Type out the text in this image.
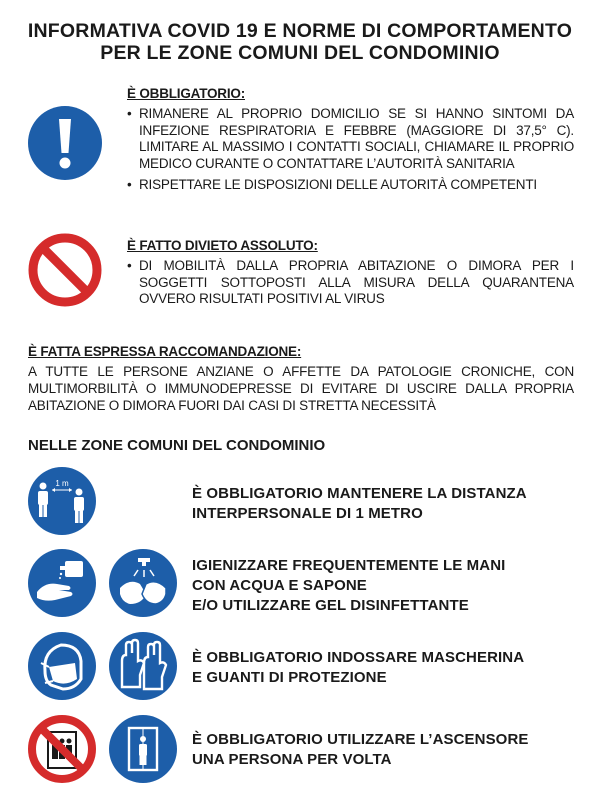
INFORMATIVA COVID 19 E NORME DI COMPORTAMENTO
PER LE ZONE COMUNI DEL CONDOMINIO
È OBBLIGATORIO:
• RIMANERE AL PROPRIO DOMICILIO SE SI HANNO SINTOMI DA INFEZIONE RESPIRATORIA E FEBBRE (MAGGIORE DI 37,5° C). LIMITARE AL MASSIMO I CONTATTI SOCIALI, CHIAMARE IL PROPRIO MEDICO CURANTE O CONTATTARE L’AUTORITÀ SANITARIA
• RISPETTARE LE DISPOSIZIONI DELLE AUTORITÀ COMPETENTI
È FATTO DIVIETO ASSOLUTO:
• DI MOBILITÀ DALLA PROPRIA ABITAZIONE O DIMORA PER I SOGGETTI SOTTOPOSTI ALLA MISURA DELLA QUARANTENA OVVERO RISULTATI POSITIVI AL VIRUS
È FATTA ESPRESSA RACCOMANDAZIONE:
A TUTTE LE PERSONE ANZIANE O AFFETTE DA PATOLOGIE CRONICHE, CON MULTIMORBILITÀ O IMMUNODEPRESSE DI EVITARE DI USCIRE DALLA PROPRIA ABITAZIONE O DIMORA FUORI DAI CASI DI STRETTA NECESSITÀ
NELLE ZONE COMUNI DEL CONDOMINIO
1 m
È OBBLIGATORIO MANTENERE LA DISTANZA
INTERPERSONALE DI 1 METRO
IGIENIZZARE FREQUENTEMENTE LE MANI
CON ACQUA E SAPONE
E/O UTILIZZARE GEL DISINFETTANTE
È OBBLIGATORIO INDOSSARE MASCHERINA
E GUANTI DI PROTEZIONE
È OBBLIGATORIO UTILIZZARE L’ASCENSORE
UNA PERSONA PER VOLTA
